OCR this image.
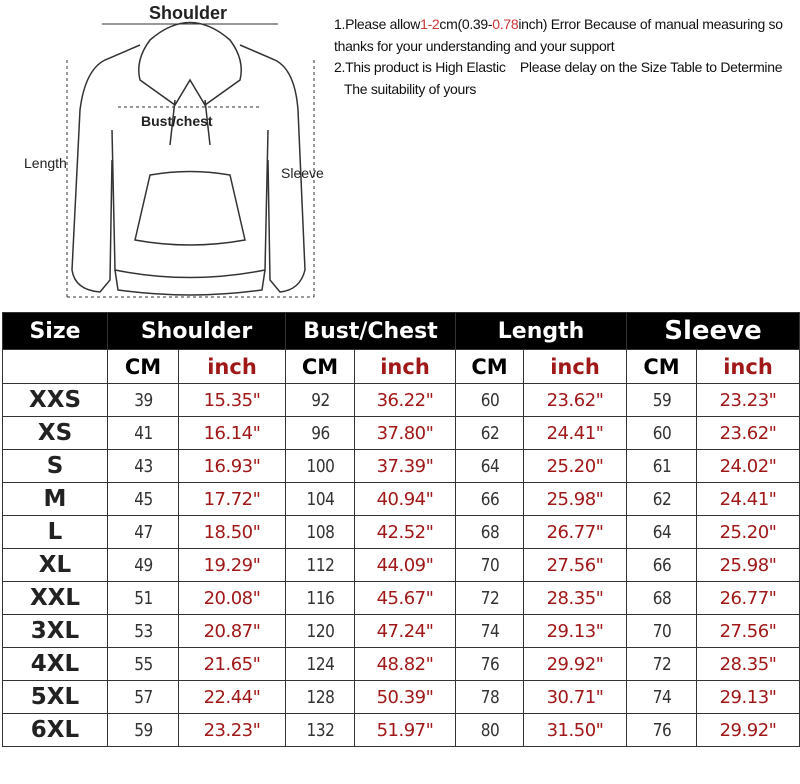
Shoulder
Bust/chest
Length
Sleeve
1.Please allow1-2cm(0.39-0.78inch) Error Because of manual measuring so
thanks for your understanding and your support
2.This product is High Elastic    Please delay on the Size Table to Determine
The suitability of yours
Size	Shoulder		Bust/Chest		Length		Sleeve	
	CM	inch	CM	inch	CM	inch	CM	inch
XXS	39	15.35"	92	36.22"	60	23.62"	59	23.23"
XS	41	16.14"	96	37.80"	62	24.41"	60	23.62"
S	43	16.93"	100	37.39"	64	25.20"	61	24.02"
M	45	17.72"	104	40.94"	66	25.98"	62	24.41"
L	47	18.50"	108	42.52"	68	26.77"	64	25.20"
XL	49	19.29"	112	44.09"	70	27.56"	66	25.98"
XXL	51	20.08"	116	45.67"	72	28.35"	68	26.77"
3XL	53	20.87"	120	47.24"	74	29.13"	70	27.56"
4XL	55	21.65"	124	48.82"	76	29.92"	72	28.35"
5XL	57	22.44"	128	50.39"	78	30.71"	74	29.13"
6XL	59	23.23"	132	51.97"	80	31.50"	76	29.92"
